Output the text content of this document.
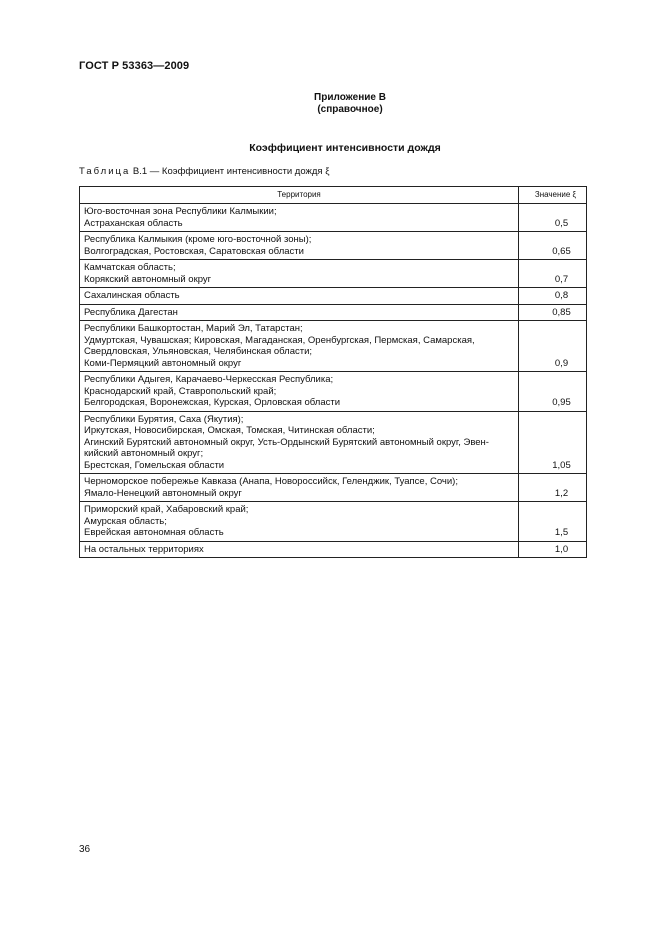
ГОСТ Р 53363—2009
Приложение В
(справочное)
Коэффициент интенсивности дождя
Таблица В.1 — Коэффициент интенсивности дождя ξ
Территория	Значение ξ

Юго-восточная зона Республики Калмыкии;
Астраханская область	0,5

Республика Калмыкия (кроме юго-восточной зоны);
Волгоградская, Ростовская, Саратовская области	0,65

Камчатская область;
Корякский автономный округ	0,7

Сахалинская область	0,8

Республика Дагестан	0,85

Республики Башкортостан, Марий Эл, Татарстан;
Удмуртская, Чувашская; Кировская, Магаданская, Оренбургская, Пермская, Самарская,
Свердловская, Ульяновская, Челябинская области;
Коми-Пермяцкий автономный округ	0,9

Республики Адыгея, Карачаево-Черкесская Республика;
Краснодарский край, Ставропольский край;
Белгородская, Воронежская, Курская, Орловская области	0,95

Республики Бурятия, Саха (Якутия);
Иркутская, Новосибирская, Омская, Томская, Читинская области;
Агинский Бурятский автономный округ, Усть-Ордынский Бурятский автономный округ, Эвен-
кийский автономный округ;
Брестская, Гомельская области	1,05

Черноморское побережье Кавказа (Анапа, Новороссийск, Геленджик, Туапсе, Сочи);
Ямало-Ненецкий автономный округ	1,2

Приморский край, Хабаровский край;
Амурская область;
Еврейская автономная область	1,5

На остальных территориях	1,0
36
